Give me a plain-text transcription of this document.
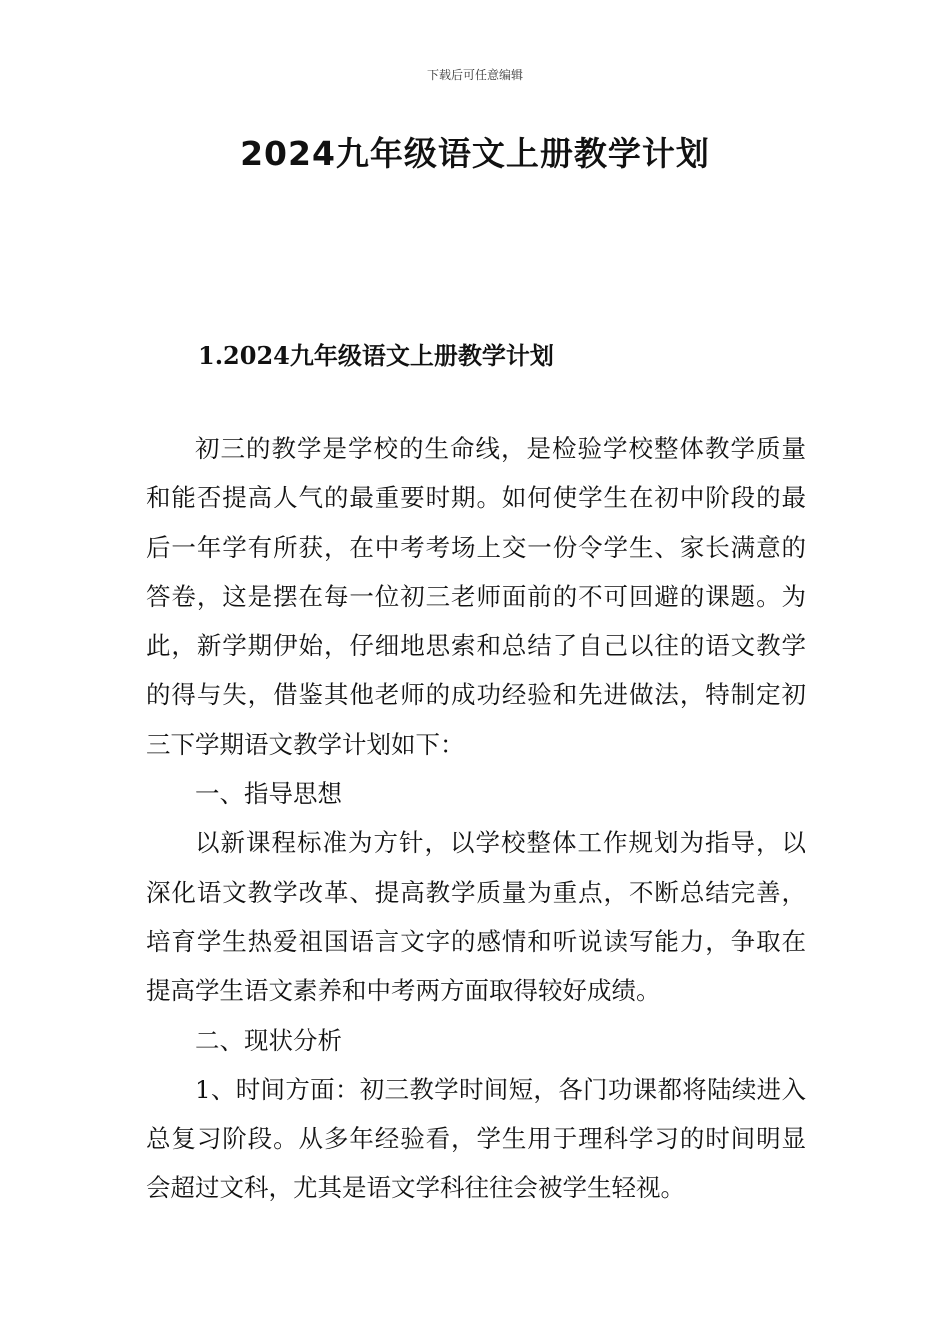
下载后可任意编辑
2024九年级语文上册教学计划
1.2024九年级语文上册教学计划

初三的教学是学校的生命线，是检验学校整体教学质量和能否提高人气的最重要时期。如何使学生在初中阶段的最后一年学有所获，在中考考场上交一份令学生、家长满意的答卷，这是摆在每一位初三老师面前的不可回避的课题。为此，新学期伊始，仔细地思索和总结了自己以往的语文教学的得与失，借鉴其他老师的成功经验和先进做法，特制定初三下学期语文教学计划如下：

一、指导思想

以新课程标准为方针，以学校整体工作规划为指导，以深化语文教学改革、提高教学质量为重点，不断总结完善，培育学生热爱祖国语言文字的感情和听说读写能力，争取在提高学生语文素养和中考两方面取得较好成绩。

二、现状分析

1、时间方面：初三教学时间短，各门功课都将陆续进入总复习阶段。从多年经验看，学生用于理科学习的时间明显会超过文科，尤其是语文学科往往会被学生轻视。
